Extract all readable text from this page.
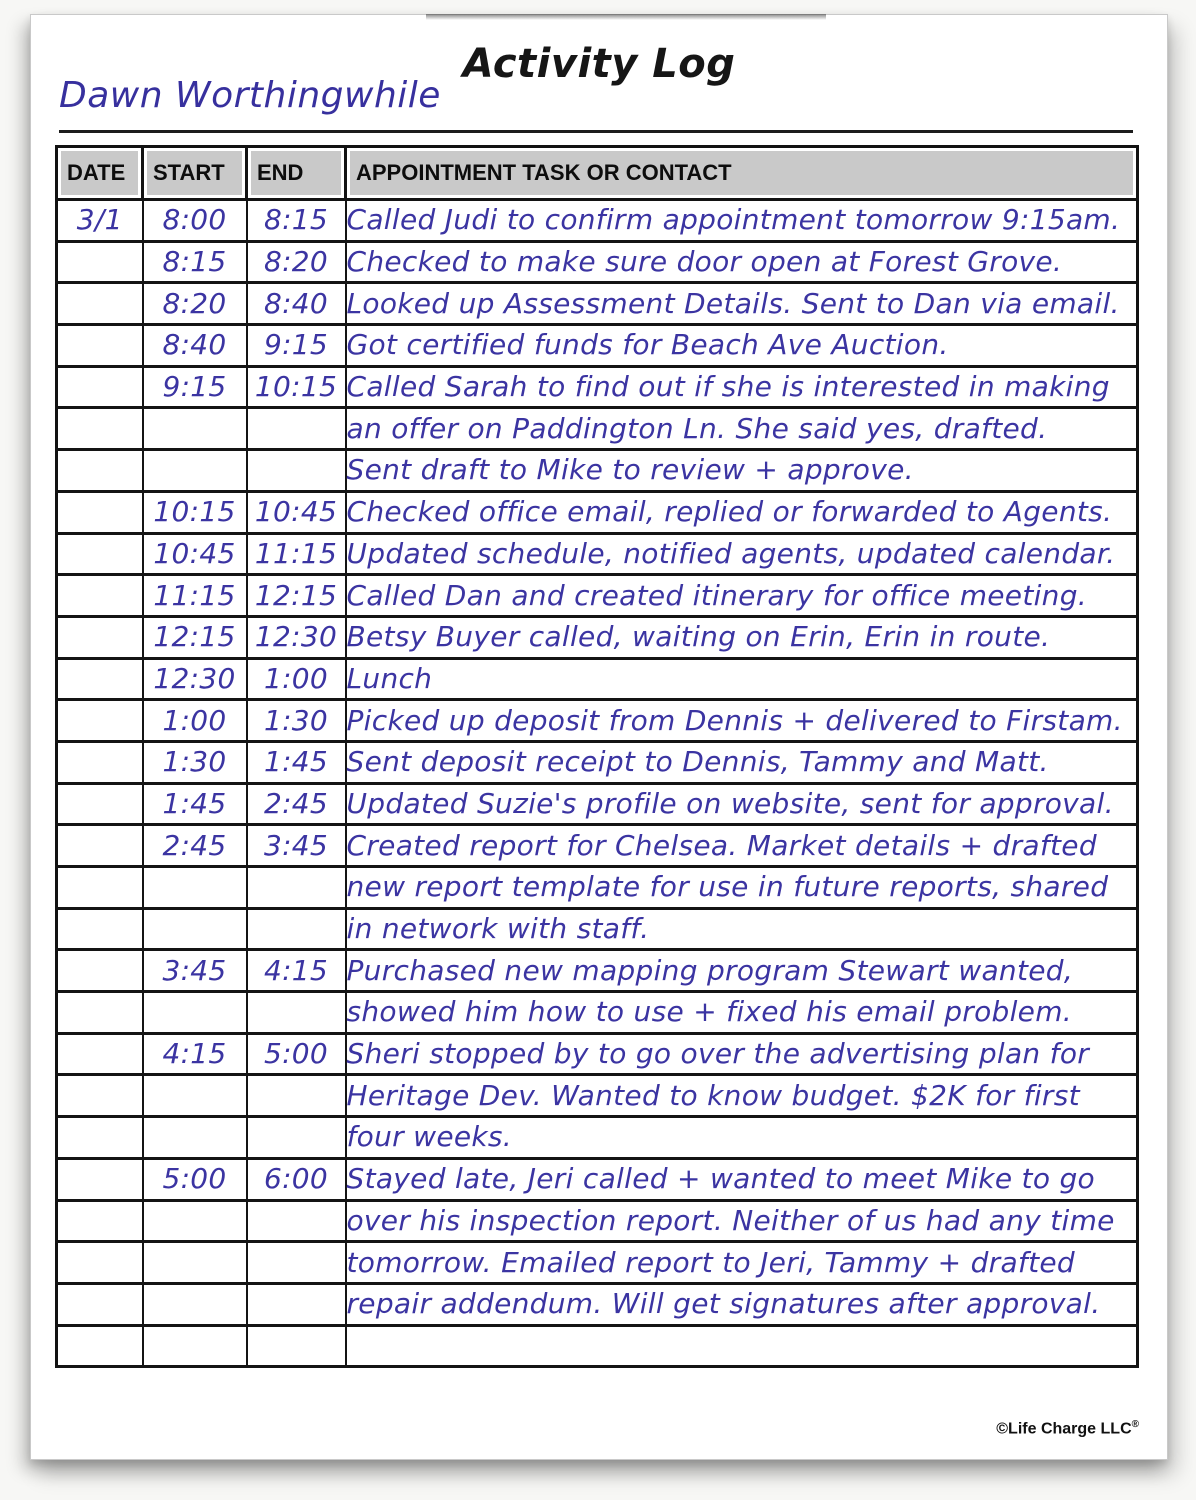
Activity Log
Dawn Worthingwhile
DATE	START	END	APPOINTMENT TASK OR CONTACT
3/1	8:00	8:15	Called Judi to confirm appointment tomorrow 9:15am.
	8:15	8:20	Checked to make sure door open at Forest Grove.
	8:20	8:40	Looked up Assessment Details. Sent to Dan via email.
	8:40	9:15	Got certified funds for Beach Ave Auction.
	9:15	10:15	Called Sarah to find out if she is interested in making
			an offer on Paddington Ln. She said yes, drafted.
			Sent draft to Mike to review + approve.
	10:15	10:45	Checked office email, replied or forwarded to Agents.
	10:45	11:15	Updated schedule, notified agents, updated calendar.
	11:15	12:15	Called Dan and created itinerary for office meeting.
	12:15	12:30	Betsy Buyer called, waiting on Erin, Erin in route.
	12:30	1:00	Lunch
	1:00	1:30	Picked up deposit from Dennis + delivered to Firstam.
	1:30	1:45	Sent deposit receipt to Dennis, Tammy and Matt.
	1:45	2:45	Updated Suzie's profile on website, sent for approval.
	2:45	3:45	Created report for Chelsea. Market details + drafted
			new report template for use in future reports, shared
			in network with staff.
	3:45	4:15	Purchased new mapping program Stewart wanted,
			showed him how to use + fixed his email problem.
	4:15	5:00	Sheri stopped by to go over the advertising plan for
			Heritage Dev. Wanted to know budget. $2K for first
			four weeks.
	5:00	6:00	Stayed late, Jeri called + wanted to meet Mike to go
			over his inspection report. Neither of us had any time
			tomorrow. Emailed report to Jeri, Tammy + drafted
			repair addendum. Will get signatures after approval.

©Life Charge LLC®
